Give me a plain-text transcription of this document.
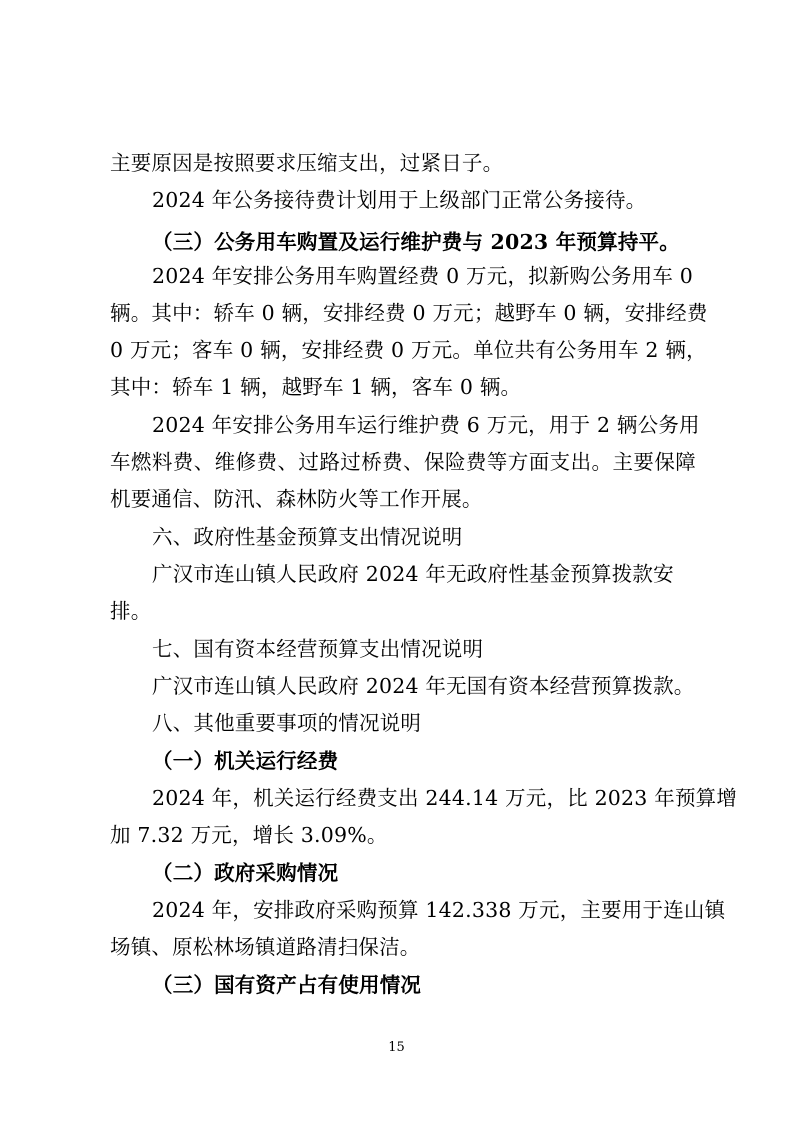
主要原因是按照要求压缩支出，过紧日子。
2024 年公务接待费计划用于上级部门正常公务接待。
（三）公务用车购置及运行维护费与 2023 年预算持平。
2024 年安排公务用车购置经费 0 万元，拟新购公务用车 0
辆。其中：轿车 0 辆，安排经费 0 万元；越野车 0 辆，安排经费
0 万元；客车 0 辆，安排经费 0 万元。单位共有公务用车 2 辆，
其中：轿车 1 辆，越野车 1 辆，客车 0 辆。
2024 年安排公务用车运行维护费 6 万元，用于 2 辆公务用
车燃料费、维修费、过路过桥费、保险费等方面支出。主要保障
机要通信、防汛、森林防火等工作开展。
六、政府性基金预算支出情况说明
广汉市连山镇人民政府 2024 年无政府性基金预算拨款安
排。
七、国有资本经营预算支出情况说明
广汉市连山镇人民政府 2024 年无国有资本经营预算拨款。
八、其他重要事项的情况说明
（一）机关运行经费
2024 年，机关运行经费支出 244.14 万元，比 2023 年预算增
加 7.32 万元，增长 3.09%。
（二）政府采购情况
2024 年，安排政府采购预算 142.338 万元，主要用于连山镇
场镇、原松林场镇道路清扫保洁。
（三）国有资产占有使用情况
15
